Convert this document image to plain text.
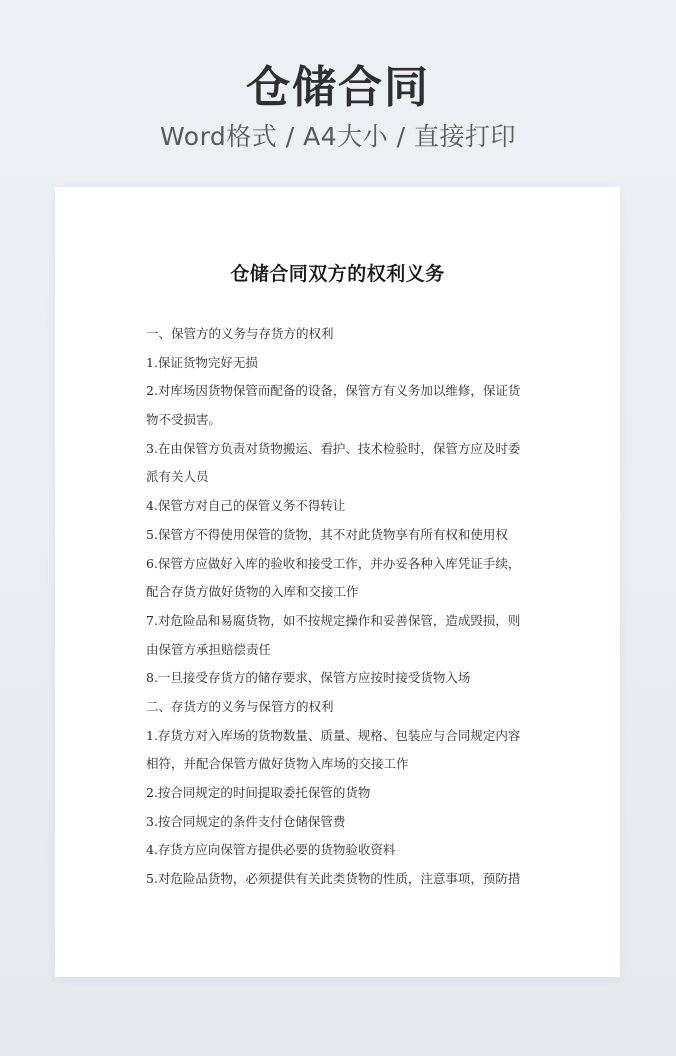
仓储合同
Word格式 / A4大小 / 直接打印
仓储合同双方的权利义务
一、保管方的义务与存货方的权利
1.保证货物完好无损
2.对库场因货物保管而配备的设备，保管方有义务加以维修，保证货
物不受损害。
3.在由保管方负责对货物搬运、看护、技术检验时，保管方应及时委
派有关人员
4.保管方对自己的保管义务不得转让
5.保管方不得使用保管的货物，其不对此货物享有所有权和使用权
6.保管方应做好入库的验收和接受工作，并办妥各种入库凭证手续，
配合存货方做好货物的入库和交接工作
7.对危险品和易腐货物，如不按规定操作和妥善保管，造成毁损，则
由保管方承担赔偿责任
8.一旦接受存货方的储存要求，保管方应按时接受货物入场
二、存货方的义务与保管方的权利
1.存货方对入库场的货物数量、质量、规格、包装应与合同规定内容
相符，并配合保管方做好货物入库场的交接工作
2.按合同规定的时间提取委托保管的货物
3.按合同规定的条件支付仓储保管费
4.存货方应向保管方提供必要的货物验收资料
5.对危险品货物，必须提供有关此类货物的性质，注意事项，预防措
